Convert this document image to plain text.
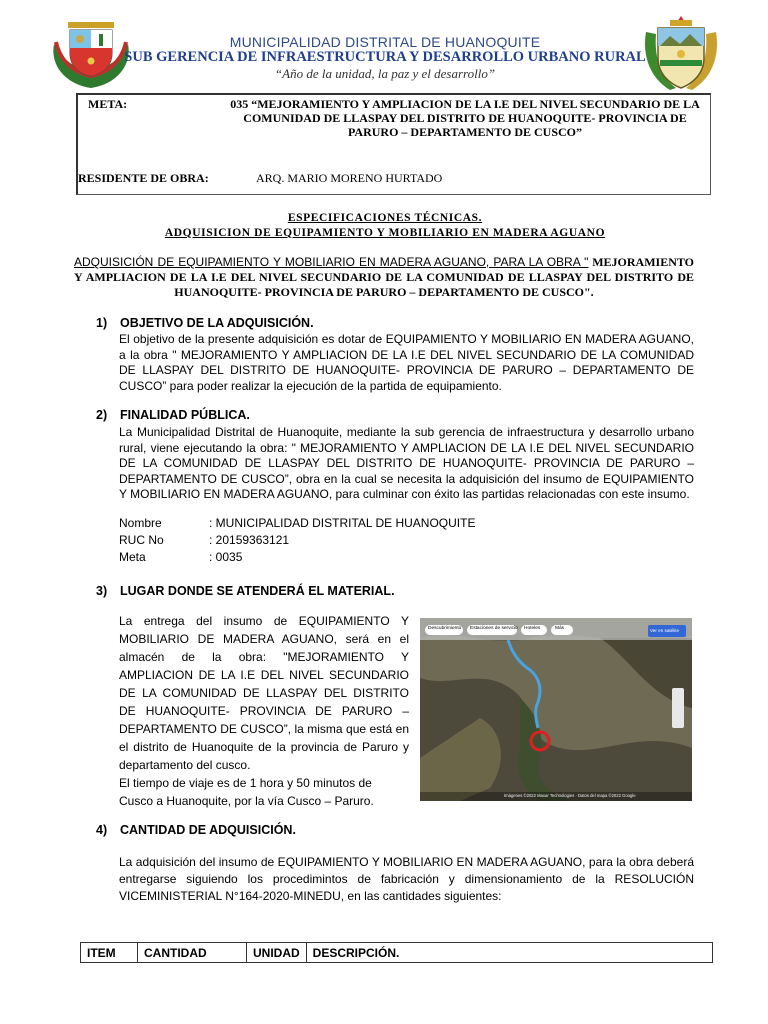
MUNICIPALIDAD DISTRITAL DE HUANOQUITE
SUB GERENCIA DE INFRAESTRUCTURA Y DESARROLLO URBANO RURAL
“Año de la unidad, la paz y el desarrollo”
META:	035 “MEJORAMIENTO Y AMPLIACION DE LA I.E DEL NIVEL SECUNDARIO DE LA COMUNIDAD DE LLASPAY DEL DISTRITO DE HUANOQUITE- PROVINCIA DE PARURO – DEPARTAMENTO DE CUSCO”
RESIDENTE DE OBRA:	ARQ. MARIO MORENO HURTADO
ESPECIFICACIONES TÉCNICAS.
ADQUISICION DE EQUIPAMIENTO Y MOBILIARIO EN MADERA AGUANO
ADQUISICIÓN DE EQUIPAMIENTO Y MOBILIARIO EN MADERA AGUANO, PARA LA OBRA " MEJORAMIENTO Y AMPLIACION DE LA I.E DEL NIVEL SECUNDARIO DE LA COMUNIDAD DE LLASPAY DEL DISTRITO DE HUANOQUITE- PROVINCIA DE PARURO – DEPARTAMENTO DE CUSCO".
1) OBJETIVO DE LA ADQUISICIÓN.
El objetivo de la presente adquisición es dotar de EQUIPAMIENTO Y MOBILIARIO EN MADERA AGUANO, a la obra " MEJORAMIENTO Y AMPLIACION DE LA I.E DEL NIVEL SECUNDARIO DE LA COMUNIDAD DE LLASPAY DEL DISTRITO DE HUANOQUITE- PROVINCIA DE PARURO – DEPARTAMENTO DE CUSCO” para poder realizar la ejecución de la partida de equipamiento.
2) FINALIDAD PÚBLICA.
La Municipalidad Distrital de Huanoquite, mediante la sub gerencia de infraestructura y desarrollo urbano rural, viene ejecutando la obra: " MEJORAMIENTO Y AMPLIACION DE LA I.E DEL NIVEL SECUNDARIO DE LA COMUNIDAD DE LLASPAY DEL DISTRITO DE HUANOQUITE- PROVINCIA DE PARURO – DEPARTAMENTO DE CUSCO”, obra en la cual se necesita la adquisición del insumo de EQUIPAMIENTO Y MOBILIARIO EN MADERA AGUANO, para culminar con éxito las partidas relacionadas con este insumo.
Nombre	: MUNICIPALIDAD DISTRITAL DE HUANOQUITE
RUC No	: 20159363121
Meta	: 0035
3) LUGAR DONDE SE ATENDERÁ EL MATERIAL.
La entrega del insumo de EQUIPAMIENTO Y MOBILIARIO DE MADERA AGUANO, será en el almacén de la obra: "MEJORAMIENTO Y AMPLIACION DE LA I.E DEL NIVEL SECUNDARIO DE LA COMUNIDAD DE LLASPAY DEL DISTRITO DE HUANOQUITE- PROVINCIA DE PARURO – DEPARTAMENTO DE CUSCO”, la misma que está en el distrito de Huanoquite de la provincia de Paruro y departamento del cusco.
El tiempo de viaje es de 1 hora y 50 minutos de Cusco a Huanoquite, por la vía Cusco – Paruro.
Descubrimiento Estaciones de servicio Hoteles	Más	Ver en satélite
Imágenes ©2022 Maxar Technologies · Datos del mapa ©2022 Google
4) CANTIDAD DE ADQUISICIÓN.
La adquisición del insumo de EQUIPAMIENTO Y MOBILIARIO EN MADERA AGUANO, para la obra deberá entregarse siguiendo los procedimintos de fabricación y dimensionamiento de la RESOLUCIÓN VICEMINISTERIAL N°164-2020-MINEDU, en las cantidades siguientes:
ITEM	CANTIDAD	UNIDAD	DESCRIPCIÓN.
